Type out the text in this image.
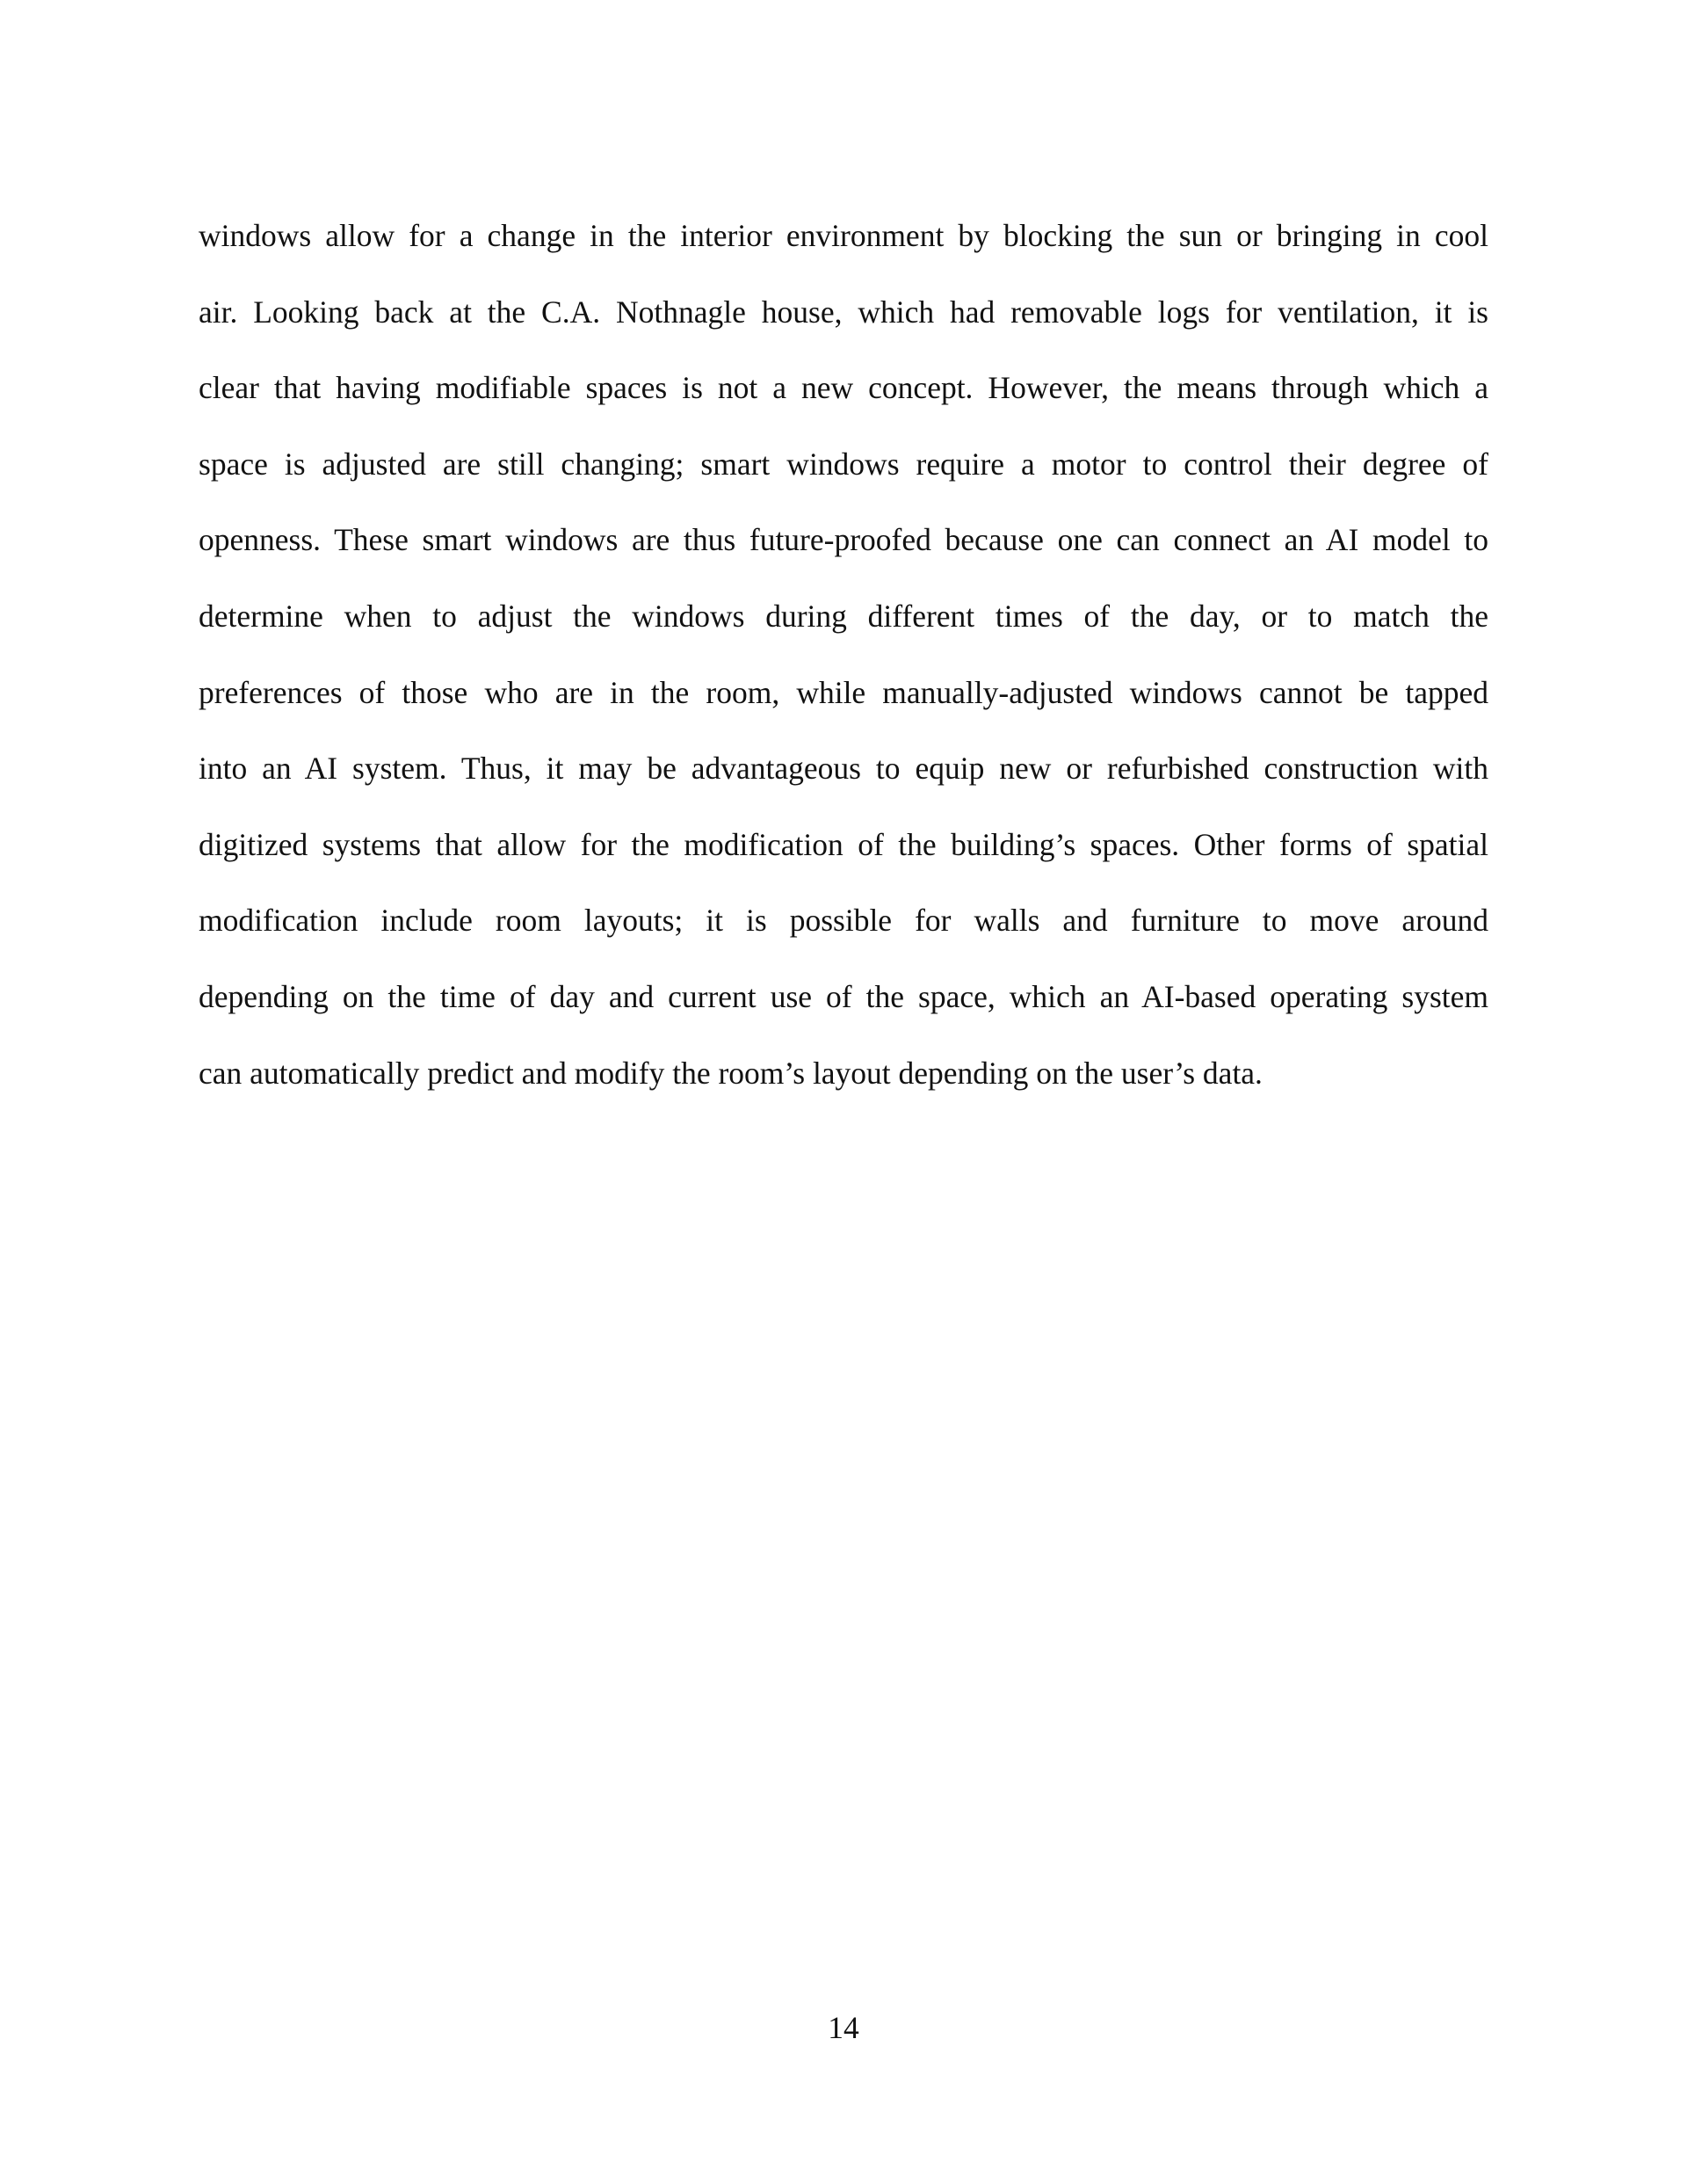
windows allow for a change in the interior environment by blocking the sun or bringing in cool
air. Looking back at the C.A. Nothnagle house, which had removable logs for ventilation, it is
clear that having modifiable spaces is not a new concept. However, the means through which a
space is adjusted are still changing; smart windows require a motor to control their degree of
openness. These smart windows are thus future-proofed because one can connect an AI model to
determine when to adjust the windows during different times of the day, or to match the
preferences of those who are in the room, while manually-adjusted windows cannot be tapped
into an AI system. Thus, it may be advantageous to equip new or refurbished construction with
digitized systems that allow for the modification of the building’s spaces. Other forms of spatial
modification include room layouts; it is possible for walls and furniture to move around
depending on the time of day and current use of the space, which an AI-based operating system
can automatically predict and modify the room’s layout depending on the user’s data.

14
